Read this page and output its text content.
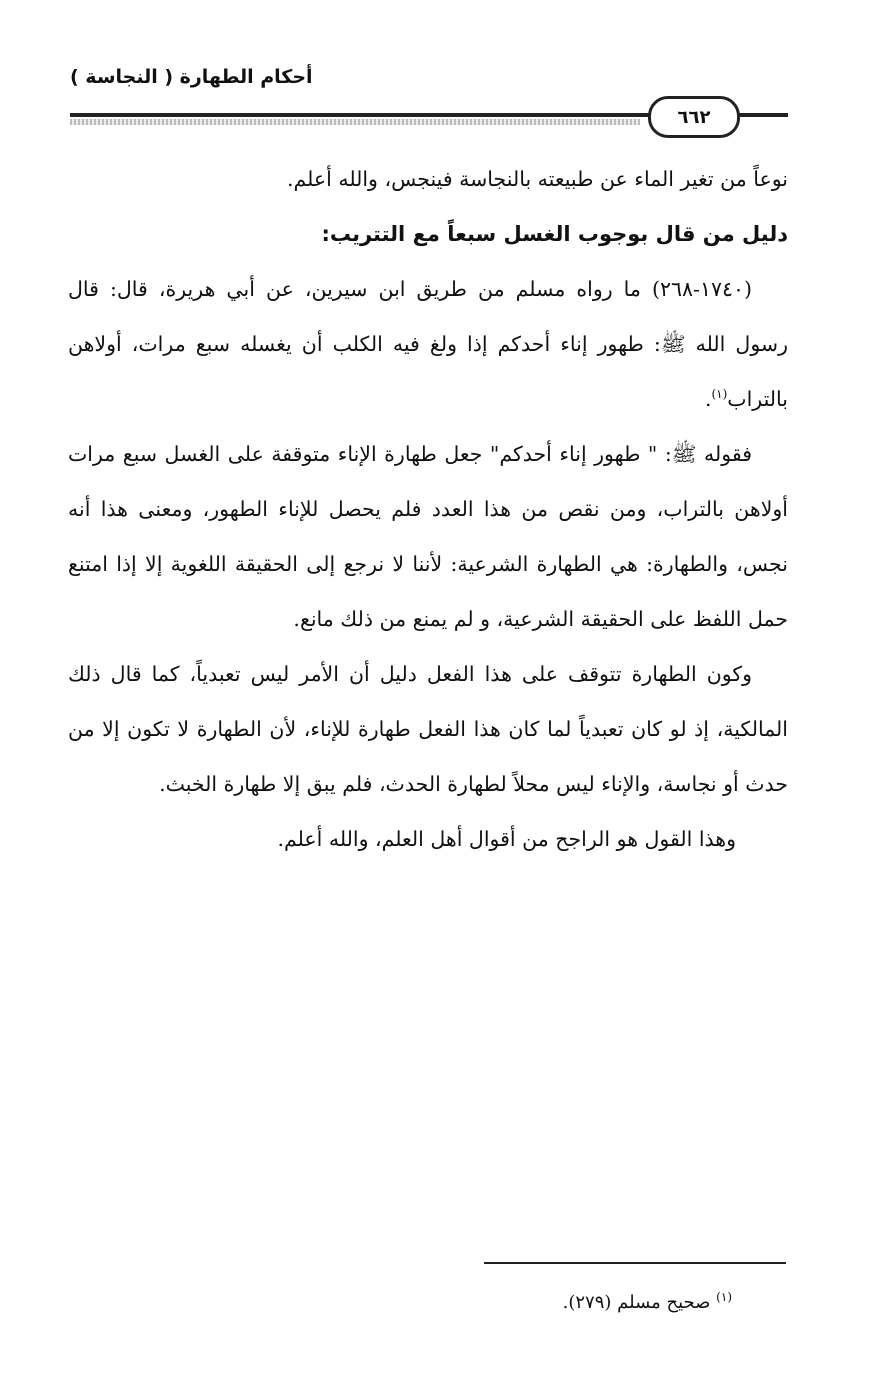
أحكام الطهارة ( النجاسة )
٦٦٢

نوعاً من تغير الماء عن طبيعته بالنجاسة فينجس، والله أعلم.

دليل من قال بوجوب الغسل سبعاً مع التتريب:

(١٧٤٠-٢٦٨) ما رواه مسلم من طريق ابن سيرين، عن أبي هريرة، قال: قال رسول الله ﷺ: طهور إناء أحدكم إذا ولغ فيه الكلب أن يغسله سبع مرات، أولاهن بالتراب$^{(١)}$.

فقوله ﷺ: " طهور إناء أحدكم" جعل طهارة الإناء متوقفة على الغسل سبع مرات أولاهن بالتراب، ومن نقص من هذا العدد فلم يحصل للإناء الطهور، ومعنى هذا أنه نجس، والطهارة: هي الطهارة الشرعية: لأننا لا نرجع إلى الحقيقة اللغوية إلا إذا امتنع حمل اللفظ على الحقيقة الشرعية، و لم يمنع من ذلك مانع.

وكون الطهارة تتوقف على هذا الفعل دليل أن الأمر ليس تعبدياً، كما قال ذلك المالكية، إذ لو كان تعبدياً لما كان هذا الفعل طهارة للإناء، لأن الطهارة لا تكون إلا من حدث أو نجاسة، والإناء ليس محلاً لطهارة الحدث، فلم يبق إلا طهارة الخبث.

وهذا القول هو الراجح من أقوال أهل العلم، والله أعلم.

$^{(١)}$ صحيح مسلم (٢٧٩).
